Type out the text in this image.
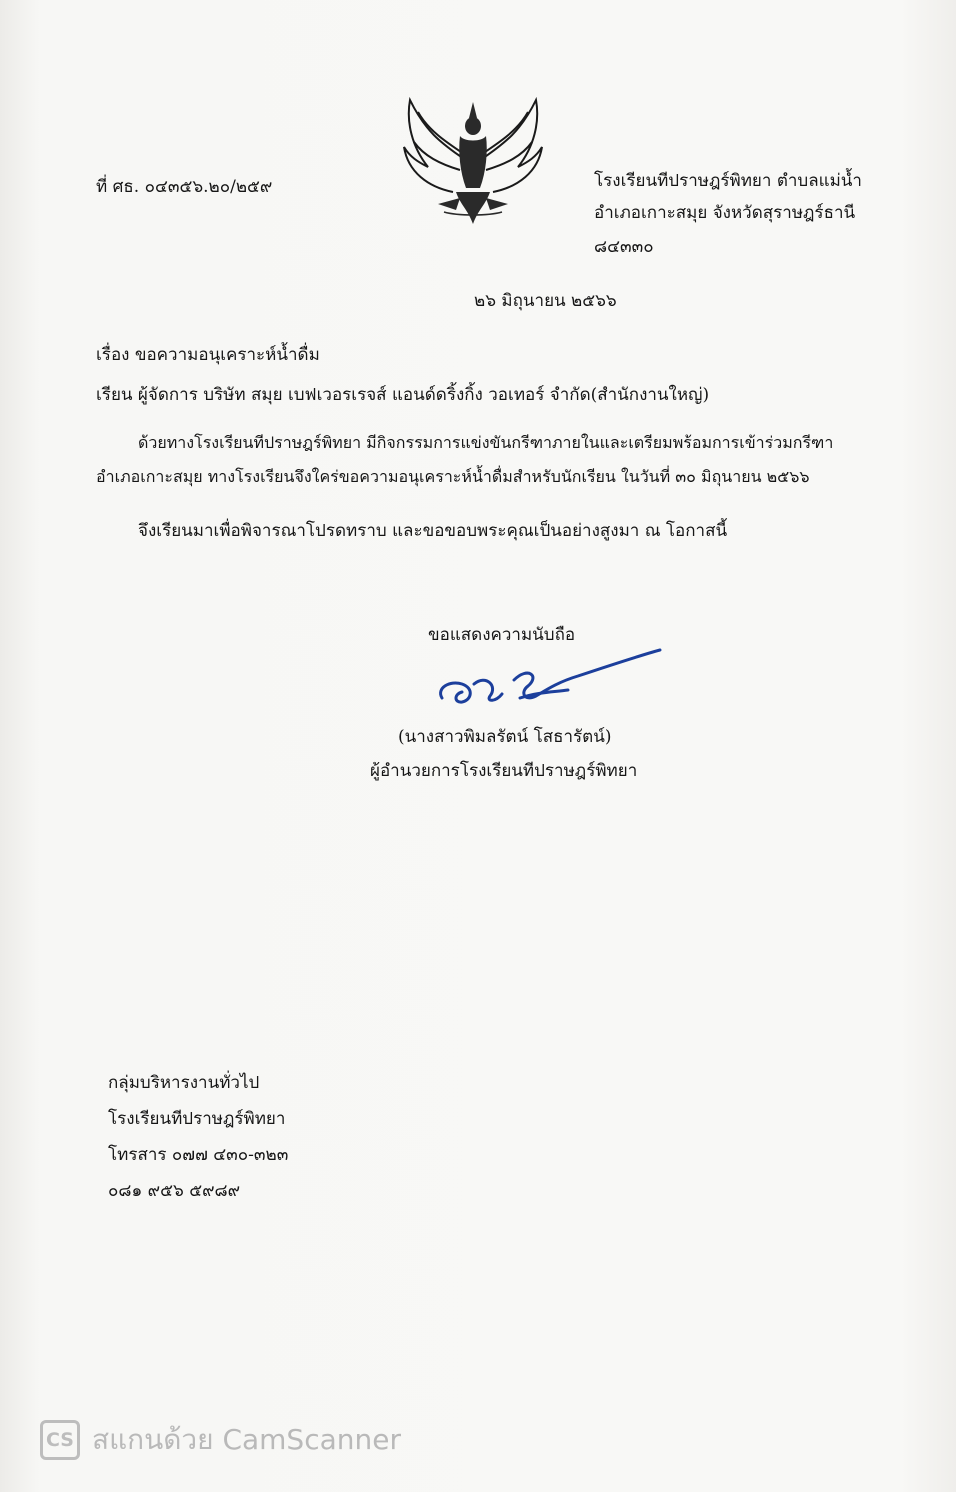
ที่ ศธ. ๐๔๓๕๖.๒๐/๒๕๙	โรงเรียนทีปราษฎร์พิทยา ตำบลแม่น้ำ
อำเภอเกาะสมุย จังหวัดสุราษฎร์ธานี
๘๔๓๓๐
๒๖ มิถุนายน ๒๕๖๖
เรื่อง ขอความอนุเคราะห์น้ำดื่ม
เรียน ผู้จัดการ บริษัท สมุย เบฟเวอรเรจส์ แอนด์ดริ้งกิ้ง วอเทอร์ จำกัด(สำนักงานใหญ่)
ด้วยทางโรงเรียนทีปราษฎร์พิทยา มีกิจกรรมการแข่งขันกรีฑาภายในและเตรียมพร้อมการเข้าร่วมกรีฑา
อำเภอเกาะสมุย ทางโรงเรียนจึงใคร่ขอความอนุเคราะห์น้ำดื่มสำหรับนักเรียน ในวันที่ ๓๐ มิถุนายน ๒๕๖๖
จึงเรียนมาเพื่อพิจารณาโปรดทราบ และขอขอบพระคุณเป็นอย่างสูงมา ณ โอกาสนี้
ขอแสดงความนับถือ
(นางสาวพิมลรัตน์ โสธารัตน์)
ผู้อำนวยการโรงเรียนทีปราษฎร์พิทยา
กลุ่มบริหารงานทั่วไป
โรงเรียนทีปราษฎร์พิทยา
โทรสาร ๐๗๗ ๔๓๐-๓๒๓
๐๘๑ ๙๕๖ ๕๙๘๙
CS สแกนด้วย CamScanner
